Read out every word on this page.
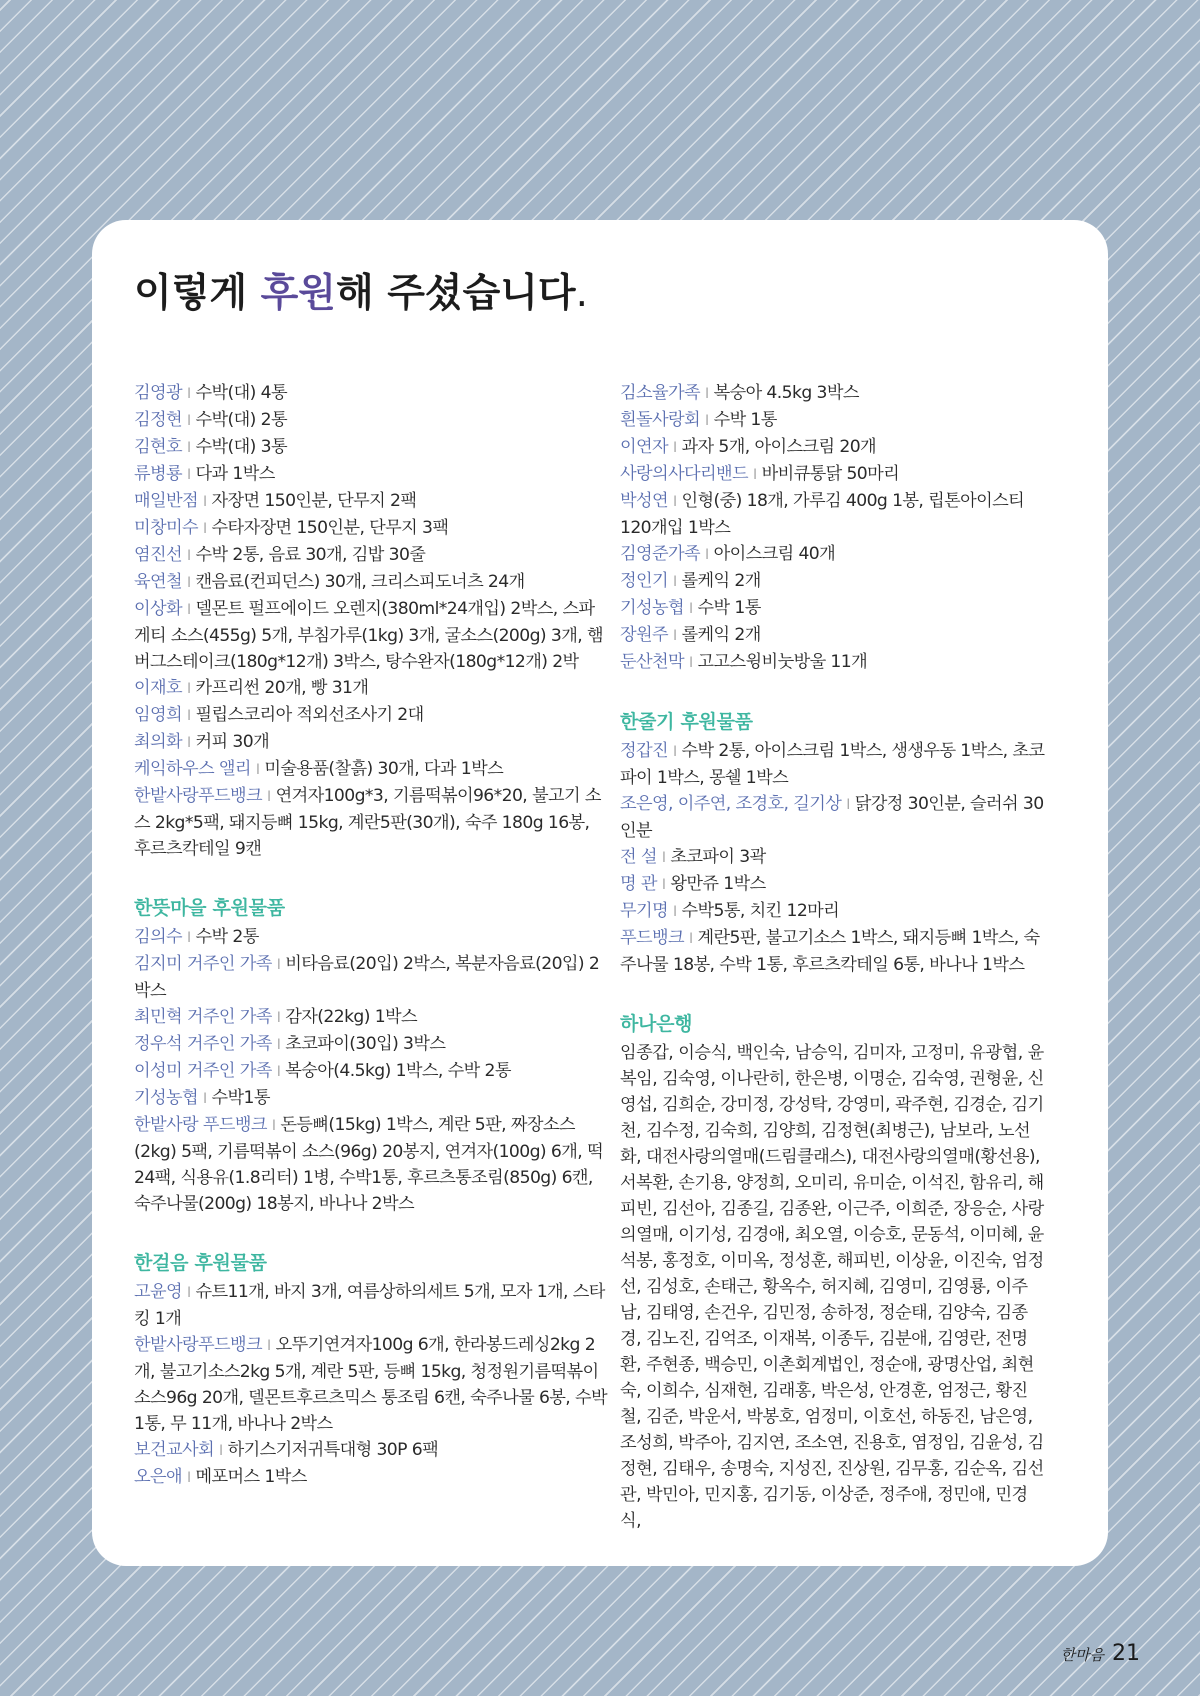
이렇게 후원해 주셨습니다.

김영광 I 수박(대) 4통

김정현 I 수박(대) 2통

김현호 I 수박(대) 3통

류병룡 I 다과 1박스

매일반점 I 자장면 150인분, 단무지 2팩

미창미수 I 수타자장면 150인분, 단무지 3팩

염진선 I 수박 2통, 음료 30개, 김밥 30줄

육연철 I 캔음료(컨피던스) 30개, 크리스피도너츠 24개

이상화 I 델몬트 펄프에이드 오렌지(380ml*24개입) 2박스, 스파게티 소스(455g) 5개, 부침가루(1kg) 3개, 굴소스(200g) 3개, 햄버그스테이크(180g*12개) 3박스, 탕수완자(180g*12개) 2박

이재호 I 카프리썬 20개, 빵 31개

임영희 I 필립스코리아 적외선조사기 2대

최의화 I 커피 30개

케익하우스 앨리 I 미술용품(찰흙) 30개, 다과 1박스

한밭사랑푸드뱅크 I 연겨자100g*3, 기름떡볶이96*20, 불고기 소스 2kg*5팩, 돼지등뼈 15kg, 계란5판(30개), 숙주 180g 16봉, 후르츠칵테일 9캔

한뜻마을 후원물품

김의수 I 수박 2통

김지미 거주인 가족 I 비타음료(20입) 2박스, 복분자음료(20입) 2박스

최민혁 거주인 가족 I 감자(22kg) 1박스

정우석 거주인 가족 I 초코파이(30입) 3박스

이성미 거주인 가족 I 복숭아(4.5kg) 1박스, 수박 2통

기성농협 I 수박1통

한밭사랑 푸드뱅크 I 돈등뼈(15kg) 1박스, 계란 5판, 짜장소스(2kg) 5팩, 기름떡볶이 소스(96g) 20봉지, 연겨자(100g) 6개, 떡 24팩, 식용유(1.8리터) 1병, 수박1통, 후르츠통조림(850g) 6캔, 숙주나물(200g) 18봉지, 바나나 2박스

한걸음 후원물품

고윤영 I 슈트11개, 바지 3개, 여름상하의세트 5개, 모자 1개, 스타킹 1개

한밭사랑푸드뱅크 I 오뚜기연겨자100g 6개, 한라봉드레싱2kg 2개, 불고기소스2kg 5개, 계란 5판, 등뼈 15kg, 청정원기름떡볶이소스96g 20개, 델몬트후르츠믹스 통조림 6캔, 숙주나물 6봉, 수박 1통, 무 11개, 바나나 2박스

보건교사회 I 하기스기저귀특대형 30P 6팩

오은애 I 메포머스 1박스

김소율가족 I 복숭아 4.5kg 3박스

흰돌사랑회 I 수박 1통

이연자 I 과자 5개, 아이스크림 20개

사랑의사다리밴드 I 바비큐통닭 50마리

박성연 I 인형(중) 18개, 가루김 400g 1봉, 립톤아이스티120개입 1박스

김영준가족 I 아이스크림 40개

정인기 I 롤케익 2개

기성농협 I 수박 1통

장원주 I 롤케익 2개

둔산천막 I 고고스윙비눗방울 11개

한줄기 후원물품

정갑진 I 수박 2통, 아이스크림 1박스, 생생우동 1박스, 초코파이 1박스, 몽쉘 1박스

조은영, 이주연, 조경호, 길기상 I 닭강정 30인분, 슬러쉬 30인분

전 설 I 초코파이 3곽

명 관 I 왕만쥬 1박스

무기명 I 수박5통, 치킨 12마리

푸드뱅크 I 계란5판, 불고기소스 1박스, 돼지등뼈 1박스, 숙주나물 18봉, 수박 1통, 후르츠칵테일 6통, 바나나 1박스

하나은행

임종갑, 이승식, 백인숙, 남승익, 김미자, 고정미, 유광협, 윤복임, 김숙영, 이나란히, 한은병, 이명순, 김숙영, 권형윤, 신영섭, 김희순, 강미정, 강성탁, 강영미, 곽주현, 김경순, 김기천, 김수정, 김숙희, 김양희, 김정현(최병근), 남보라, 노선화, 대전사랑의열매(드림클래스), 대전사랑의열매(황선용), 서복환, 손기용, 양정희, 오미리, 유미순, 이석진, 함유리, 해피빈, 김선아, 김종길, 김종완, 이근주, 이희준, 장응순, 사랑의열매, 이기성, 김경애, 최오열, 이승호, 문동석, 이미혜, 윤석봉, 홍정호, 이미옥, 정성훈, 해피빈, 이상윤, 이진숙, 엄정선, 김성호, 손태근, 황옥수, 허지혜, 김영미, 김영룡, 이주남, 김태영, 손건우, 김민정, 송하정, 정순태, 김양숙, 김종경, 김노진, 김억조, 이재복, 이종두, 김분애, 김영란, 전명환, 주현종, 백승민, 이촌회계법인, 정순애, 광명산업, 최현숙, 이희수, 심재현, 김래홍, 박은성, 안경훈, 엄정근, 황진철, 김준, 박운서, 박봉호, 엄정미, 이호선, 하동진, 남은영, 조성희, 박주아, 김지연, 조소연, 진용호, 염정임, 김윤성, 김정현, 김태우, 송명숙, 지성진, 진상원, 김무홍, 김순옥, 김선관, 박민아, 민지홍, 김기동, 이상준, 정주애, 정민애, 민경식,

한마음 21
